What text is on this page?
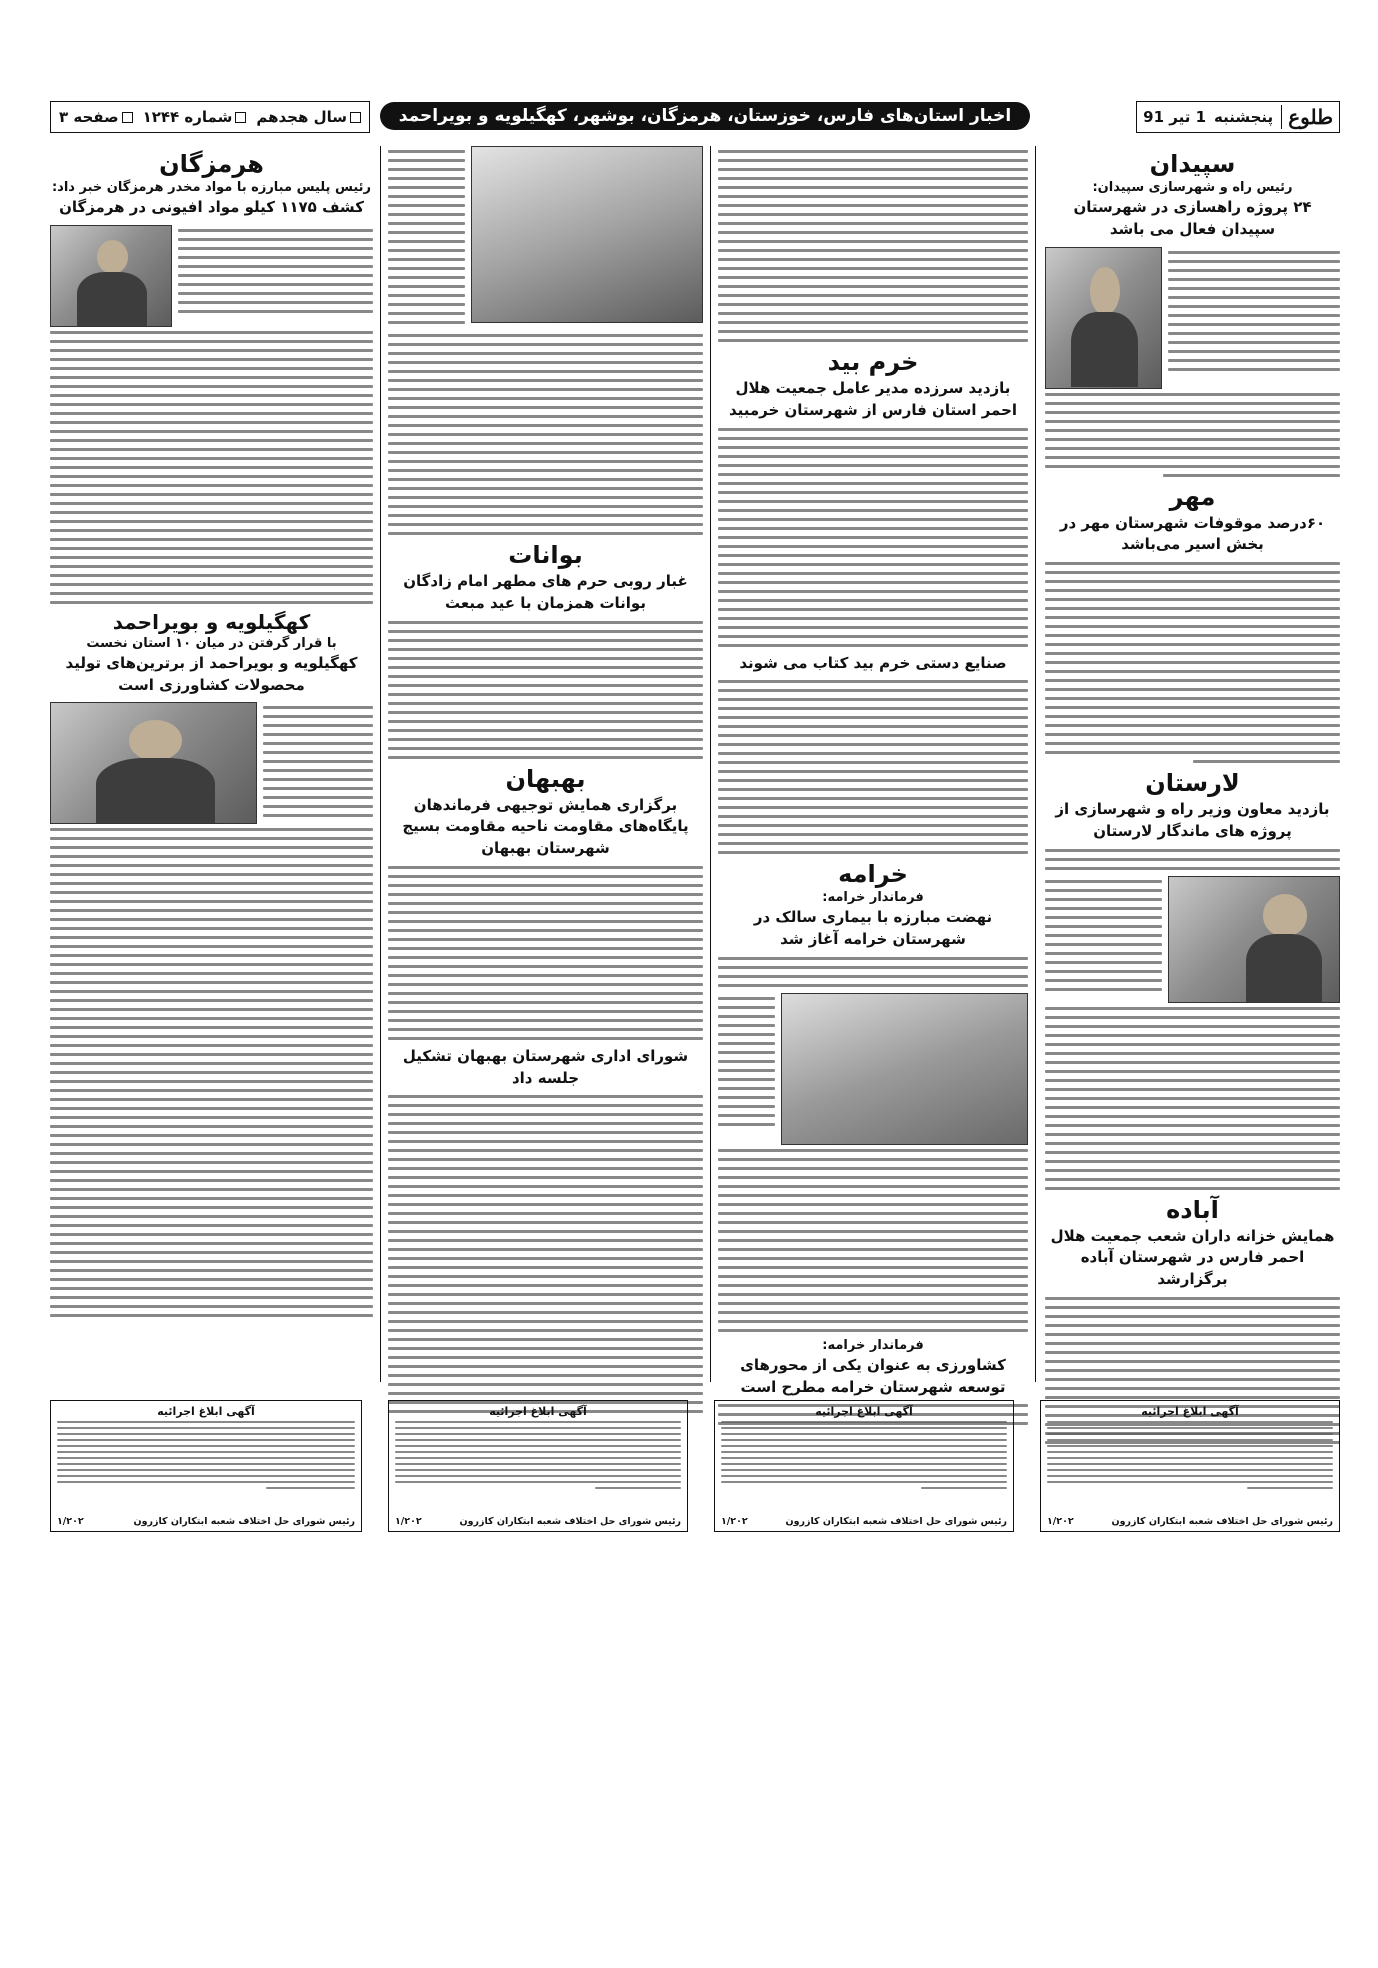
طلوع
پنجشنبه
1 تیر 91
اخبار استان‌های فارس، خوزستان، هرمزگان، بوشهر، کهگیلویه و بویراحمد
سال هجدهم
شماره ۱۲۴۴
صفحه ۳
سپیدان
رئیس راه و شهرسازی سپیدان:
۲۴ پروژه راهسازی در شهرستان سپیدان فعال می باشد
مهر
۶۰درصد موقوفات شهرستان مهر در بخش اسیر می‌باشد
لارستان
بازدید معاون وزیر راه و شهرسازی از پروژه های ماندگار لارستان
آباده
همایش خزانه داران شعب جمعیت هلال احمر فارس در شهرستان آباده برگزارشد
خرم بید
بازدید سرزده مدیر عامل جمعیت هلال احمر استان فارس از شهرستان خرمبید
صنایع دستی خرم بید کتاب می شوند
خرامه
فرماندار خرامه:
نهضت مبارزه با بیماری سالک در شهرستان خرامه آغاز شد
فرماندار خرامه:
کشاورزی به عنوان یکی از محورهای توسعه شهرستان خرامه مطرح است
بوانات
غبار روبی حرم های مطهر امام زادگان بوانات همزمان با عید مبعث
بهبهان
برگزاری همایش توجیهی فرماندهان پایگاه‌های مقاومت ناحیه مقاومت بسیج شهرستان بهبهان
شورای اداری شهرستان بهبهان تشکیل جلسه داد
هرمزگان
رئیس پلیس مبارزه با مواد مخدر هرمزگان خبر داد:
کشف ۱۱۷۵ کیلو مواد افیونی در هرمزگان
کهگیلویه و بویراحمد
با قرار گرفتن در میان ۱۰ استان نخست
کهگیلویه و بویراحمد از برترین‌های تولید محصولات کشاورزی است
آگهی ابلاغ اجرائیه
رئیس شورای حل اختلاف شعبه ابتکاران کازرون
۱/۲۰۲
آگهی ابلاغ اجرائیه
رئیس شورای حل اختلاف شعبه ابتکاران کازرون
۱/۲۰۲
آگهی ابلاغ اجرائیه
رئیس شورای حل اختلاف شعبه ابتکاران کازرون
۱/۲۰۲
آگهی ابلاغ اجرائیه
رئیس شورای حل اختلاف شعبه ابتکاران کازرون
۱/۲۰۲
